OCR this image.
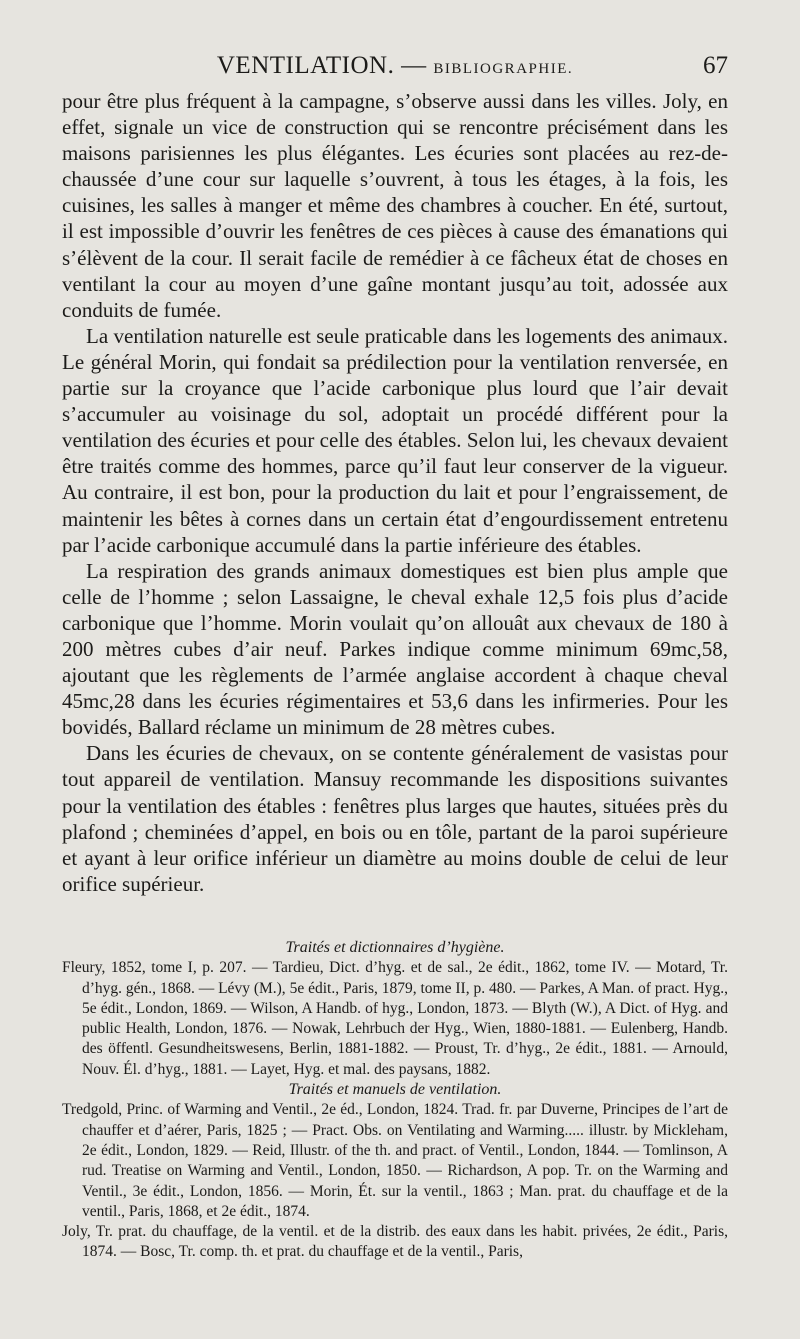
VENTILATION. — BIBLIOGRAPHIE.	67

pour être plus fréquent à la campagne, s’observe aussi dans les villes. Joly, en effet, signale un vice de construction qui se rencontre précisément dans les maisons parisiennes les plus élégantes. Les écuries sont placées au rez-de-chaussée d’une cour sur laquelle s’ouvrent, à tous les étages, à la fois, les cuisines, les salles à manger et même des chambres à coucher. En été, surtout, il est impossible d’ouvrir les fenêtres de ces pièces à cause des émanations qui s’élèvent de la cour. Il serait facile de remédier à ce fâcheux état de choses en ventilant la cour au moyen d’une gaîne montant jusqu’au toit, adossée aux conduits de fumée.

La ventilation naturelle est seule praticable dans les logements des animaux. Le général Morin, qui fondait sa prédilection pour la ventilation renversée, en partie sur la croyance que l’acide carbonique plus lourd que l’air devait s’accumuler au voisinage du sol, adoptait un procédé différent pour la ventilation des écuries et pour celle des étables. Selon lui, les chevaux devaient être traités comme des hommes, parce qu’il faut leur conserver de la vigueur. Au contraire, il est bon, pour la production du lait et pour l’engraissement, de maintenir les bêtes à cornes dans un certain état d’engourdissement entretenu par l’acide carbonique accumulé dans la partie inférieure des étables.

La respiration des grands animaux domestiques est bien plus ample que celle de l’homme ; selon Lassaigne, le cheval exhale 12,5 fois plus d’acide carbonique que l’homme. Morin voulait qu’on allouât aux chevaux de 180 à 200 mètres cubes d’air neuf. Parkes indique comme minimum 69mc,58, ajoutant que les règlements de l’armée anglaise accordent à chaque cheval 45mc,28 dans les écuries régimentaires et 53,6 dans les infirmeries. Pour les bovidés, Ballard réclame un minimum de 28 mètres cubes.

Dans les écuries de chevaux, on se contente généralement de vasistas pour tout appareil de ventilation. Mansuy recommande les dispositions suivantes pour la ventilation des étables : fenêtres plus larges que hautes, situées près du plafond ; cheminées d’appel, en bois ou en tôle, partant de la paroi supérieure et ayant à leur orifice inférieur un diamètre au moins double de celui de leur orifice supérieur.

Traités et dictionnaires d’hygiène.

Fleury, 1852, tome I, p. 207. — Tardieu, Dict. d’hyg. et de sal., 2e édit., 1862, tome IV. — Motard, Tr. d’hyg. gén., 1868. — Lévy (M.), 5e édit., Paris, 1879, tome II, p. 480. — Parkes, A Man. of pract. Hyg., 5e édit., London, 1869. — Wilson, A Handb. of hyg., London, 1873. — Blyth (W.), A Dict. of Hyg. and public Health, London, 1876. — Nowak, Lehrbuch der Hyg., Wien, 1880-1881. — Eulenberg, Handb. des öffentl. Gesundheitswesens, Berlin, 1881-1882. — Proust, Tr. d’hyg., 2e édit., 1881. — Arnould, Nouv. Él. d’hyg., 1881. — Layet, Hyg. et mal. des paysans, 1882.

Traités et manuels de ventilation.

Tredgold, Princ. of Warming and Ventil., 2e éd., London, 1824. Trad. fr. par Duverne, Principes de l’art de chauffer et d’aérer, Paris, 1825 ; — Pract. Obs. on Ventilating and Warming..... illustr. by Mickleham, 2e édit., London, 1829. — Reid, Illustr. of the th. and pract. of Ventil., London, 1844. — Tomlinson, A rud. Treatise on Warming and Ventil., London, 1850. — Richardson, A pop. Tr. on the Warming and Ventil., 3e édit., London, 1856. — Morin, Ét. sur la ventil., 1863 ; Man. prat. du chauffage et de la ventil., Paris, 1868, et 2e édit., 1874.

Joly, Tr. prat. du chauffage, de la ventil. et de la distrib. des eaux dans les habit. privées, 2e édit., Paris, 1874. — Bosc, Tr. comp. th. et prat. du chauffage et de la ventil., Paris,
